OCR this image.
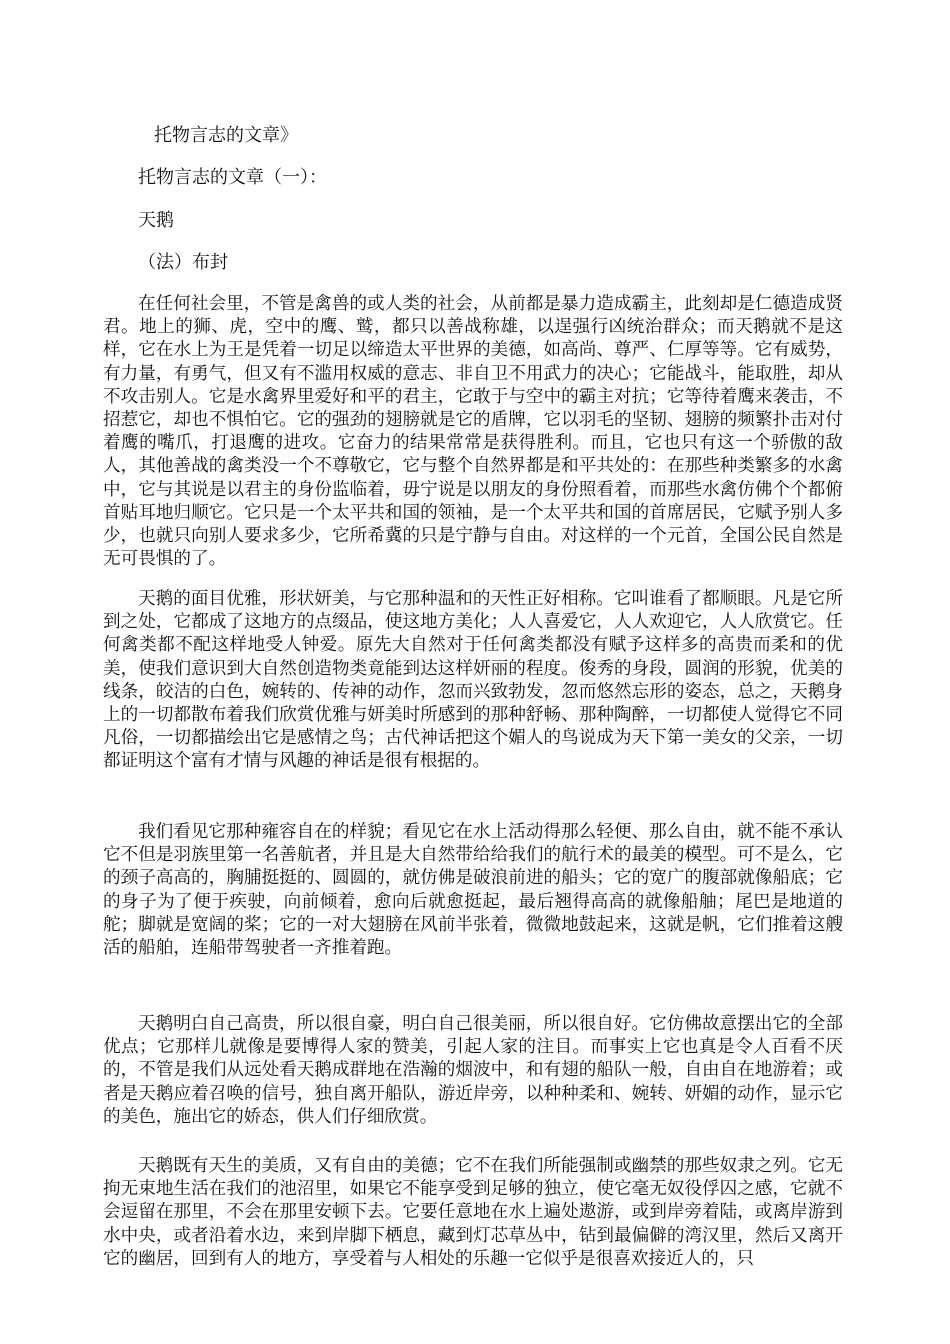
托物言志的文章》
托物言志的文章（一）：
天鹅
（法）布封

在任何社会里，不管是禽兽的或人类的社会，从前都是暴力造成霸主，此刻却是仁德造成贤君。地上的狮、虎，空中的鹰、鹫，都只以善战称雄，以逞强行凶统治群众；而天鹅就不是这样，它在水上为王是凭着一切足以缔造太平世界的美德，如高尚、尊严、仁厚等等。它有威势，有力量，有勇气，但又有不滥用权威的意志、非自卫不用武力的决心；它能战斗，能取胜，却从不攻击别人。它是水禽界里爱好和平的君主，它敢于与空中的霸主对抗；它等待着鹰来袭击，不招惹它，却也不惧怕它。它的强劲的翅膀就是它的盾牌，它以羽毛的坚韧、翅膀的频繁扑击对付着鹰的嘴爪，打退鹰的进攻。它奋力的结果常常是获得胜利。而且，它也只有这一个骄傲的敌人，其他善战的禽类没一个不尊敬它，它与整个自然界都是和平共处的：在那些种类繁多的水禽中，它与其说是以君主的身份监临着，毋宁说是以朋友的身份照看着，而那些水禽仿佛个个都俯首贴耳地归顺它。它只是一个太平共和国的领袖，是一个太平共和国的首席居民，它赋予别人多少，也就只向别人要求多少，它所希冀的只是宁静与自由。对这样的一个元首，全国公民自然是无可畏惧的了。

天鹅的面目优雅，形状妍美，与它那种温和的天性正好相称。它叫谁看了都顺眼。凡是它所到之处，它都成了这地方的点缀品，使这地方美化；人人喜爱它，人人欢迎它，人人欣赏它。任何禽类都不配这样地受人钟爱。原先大自然对于任何禽类都没有赋予这样多的高贵而柔和的优美，使我们意识到大自然创造物类竟能到达这样妍丽的程度。俊秀的身段，圆润的形貌，优美的线条，皎洁的白色，婉转的、传神的动作，忽而兴致勃发，忽而悠然忘形的姿态，总之，天鹅身上的一切都散布着我们欣赏优雅与妍美时所感到的那种舒畅、那种陶醉，一切都使人觉得它不同凡俗，一切都描绘出它是感情之鸟；古代神话把这个媚人的鸟说成为天下第一美女的父亲，一切都证明这个富有才情与风趣的神话是很有根据的。

我们看见它那种雍容自在的样貌；看见它在水上活动得那么轻便、那么自由，就不能不承认它不但是羽族里第一名善航者，并且是大自然带给给我们的航行术的最美的模型。可不是么，它的颈子高高的，胸脯挺挺的、圆圆的，就仿佛是破浪前进的船头；它的宽广的腹部就像船底；它的身子为了便于疾驶，向前倾着，愈向后就愈挺起，最后翘得高高的就像船舳；尾巴是地道的舵；脚就是宽阔的桨；它的一对大翅膀在风前半张着，微微地鼓起来，这就是帆，它们推着这艘活的船舶，连船带驾驶者一齐推着跑。

天鹅明白自己高贵，所以很自豪，明白自己很美丽，所以很自好。它仿佛故意摆出它的全部优点；它那样儿就像是要博得人家的赞美，引起人家的注目。而事实上它也真是令人百看不厌的，不管是我们从远处看天鹅成群地在浩瀚的烟波中，和有翅的船队一般，自由自在地游着；或者是天鹅应着召唤的信号，独自离开船队，游近岸旁，以种种柔和、婉转、妍媚的动作，显示它的美色，施出它的娇态，供人们仔细欣赏。

天鹅既有天生的美质，又有自由的美德；它不在我们所能强制或幽禁的那些奴隶之列。它无拘无束地生活在我们的池沼里，如果它不能享受到足够的独立，使它毫无奴役俘囚之感，它就不会逗留在那里，不会在那里安顿下去。它要任意地在水上遍处遨游，或到岸旁着陆，或离岸游到水中央，或者沿着水边，来到岸脚下栖息，藏到灯芯草丛中，钻到最偏僻的湾汉里，然后又离开它的幽居，回到有人的地方，享受着与人相处的乐趣一它似乎是很喜欢接近人的，只
